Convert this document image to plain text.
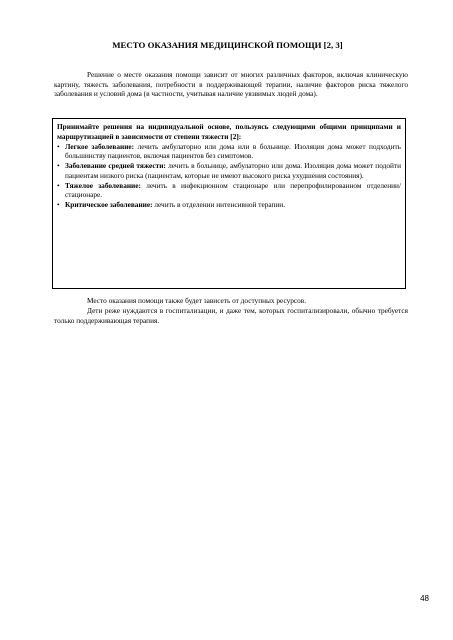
МЕСТО ОКАЗАНИЯ МЕДИЦИНСКОЙ ПОМОЩИ [2, 3]

Решение о месте оказания помощи зависит от многих различных факторов, включая клиническую картину, тяжесть заболевания, потребности в поддерживающей терапии, наличие факторов риска тяжелого заболевания и условий дома (в частности, учитывая наличие уязвимых людей дома).

Принимайте решения на индивидуальной основе, пользуясь следующими общими принципами и маршрутизацией в зависимости от степени тяжести [2]:

• Легкое заболевание: лечить амбулаторно или дома или в больнице. Изоляция дома может подходить большинству пациентов, включая пациентов без симптомов.
• Заболевание средней тяжести: лечить в больнице, амбулаторно или дома. Изоляция дома может подойти пациентам низкого риска (пациентам, которые не имеют высокого риска ухудшения состояния).
• Тяжелое заболевание: лечить в инфекционном стационаре или перепрофилированном отделении/стационаре.
• Критическое заболевание: лечить в отделении интенсивной терапии.

Место оказания помощи также будет зависеть от доступных ресурсов.

Дети реже нуждаются в госпитализации, и даже тем, которых госпитализировали, обычно требуется только поддерживающая терапия.

48
